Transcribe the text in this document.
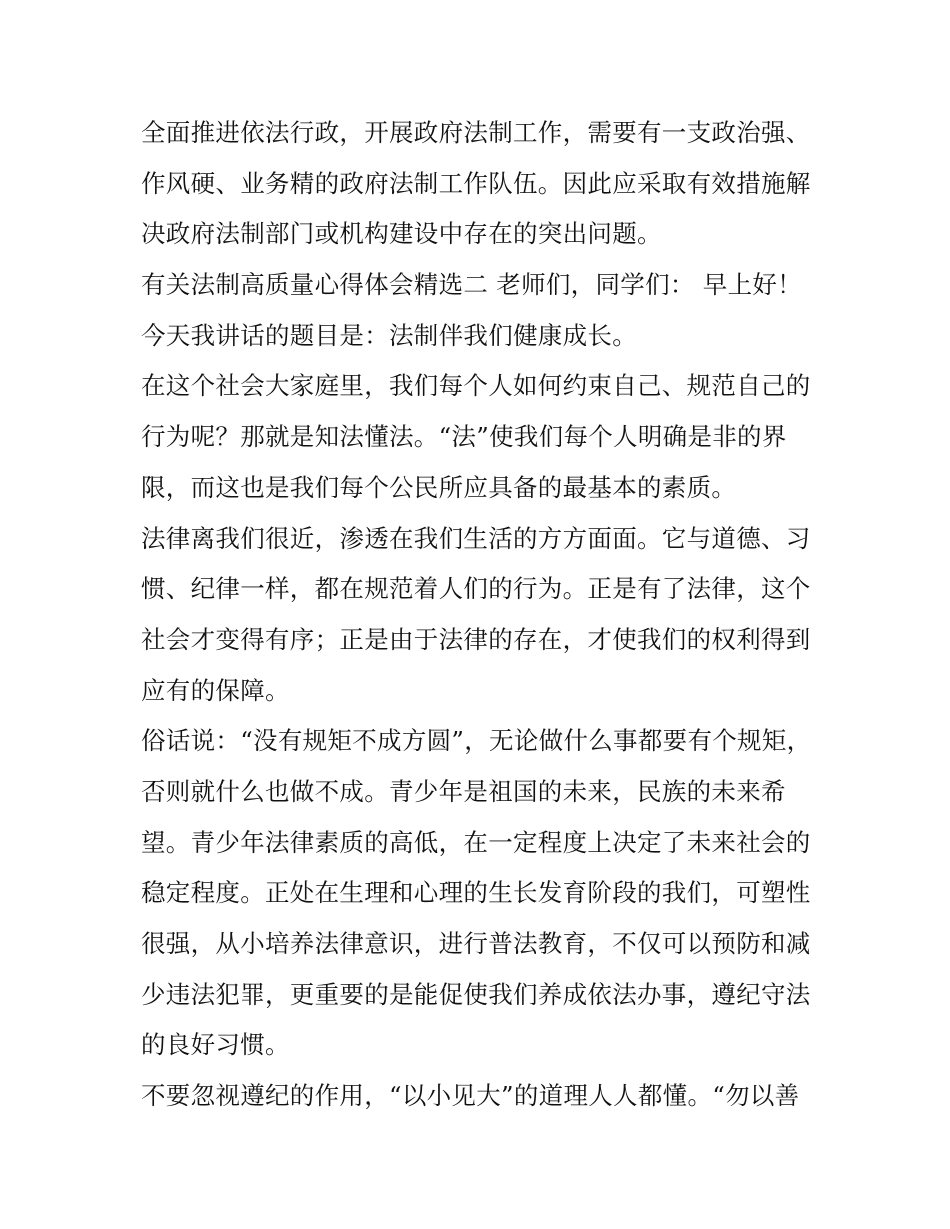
全面推进依法行政，开展政府法制工作，需要有一支政治强、
作风硬、业务精的政府法制工作队伍。因此应采取有效措施解
决政府法制部门或机构建设中存在的突出问题。
有关法制高质量心得体会精选二 老师们，同学们： 早上好！
今天我讲话的题目是：法制伴我们健康成长。
在这个社会大家庭里，我们每个人如何约束自己、规范自己的
行为呢？那就是知法懂法。“法”使我们每个人明确是非的界
限，而这也是我们每个公民所应具备的最基本的素质。
法律离我们很近，渗透在我们生活的方方面面。它与道德、习
惯、纪律一样，都在规范着人们的行为。正是有了法律，这个
社会才变得有序；正是由于法律的存在，才使我们的权利得到
应有的保障。
俗话说：“没有规矩不成方圆”，无论做什么事都要有个规矩，
否则就什么也做不成。青少年是祖国的未来，民族的未来希
望。青少年法律素质的高低，在一定程度上决定了未来社会的
稳定程度。正处在生理和心理的生长发育阶段的我们，可塑性
很强，从小培养法律意识，进行普法教育，不仅可以预防和减
少违法犯罪，更重要的是能促使我们养成依法办事，遵纪守法
的良好习惯。
不要忽视遵纪的作用，“以小见大”的道理人人都懂。“勿以善
